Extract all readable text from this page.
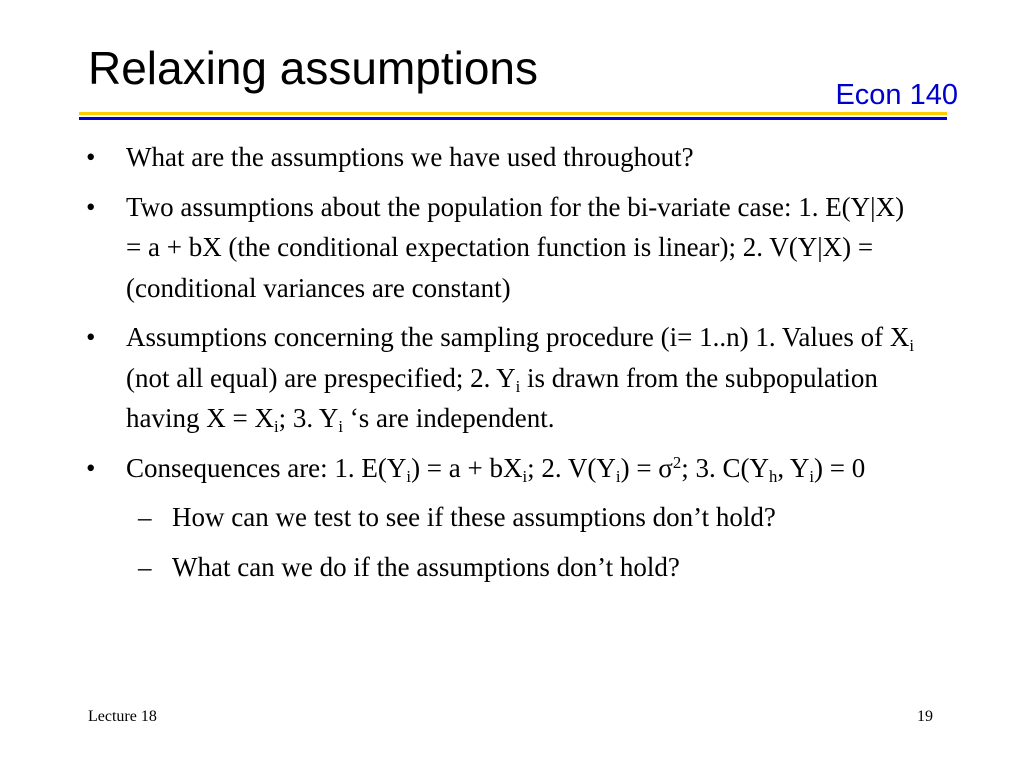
Relaxing assumptions
Econ 140
• What are the assumptions we have used throughout?
• Two assumptions about the population for the bi-variate case: 1. E(Y|X) = a + bX (the conditional expectation function is linear); 2. V(Y|X) = (conditional variances are constant)
• Assumptions concerning the sampling procedure (i= 1..n) 1. Values of $X_i$ (not all equal) are prespecified; 2. $Y_i$ is drawn from the subpopulation having $X = X_i$; 3. $Y_i$ ‘s are independent.
• Consequences are: 1. $E(Y_i) = a + bX_i$; 2. $V(Y_i) = \sigma^2$; 3. $C(Y_h$, $Y_i) = 0$
– How can we test to see if these assumptions don’t hold?
– What can we do if the assumptions don’t hold?
Lecture 18	19
